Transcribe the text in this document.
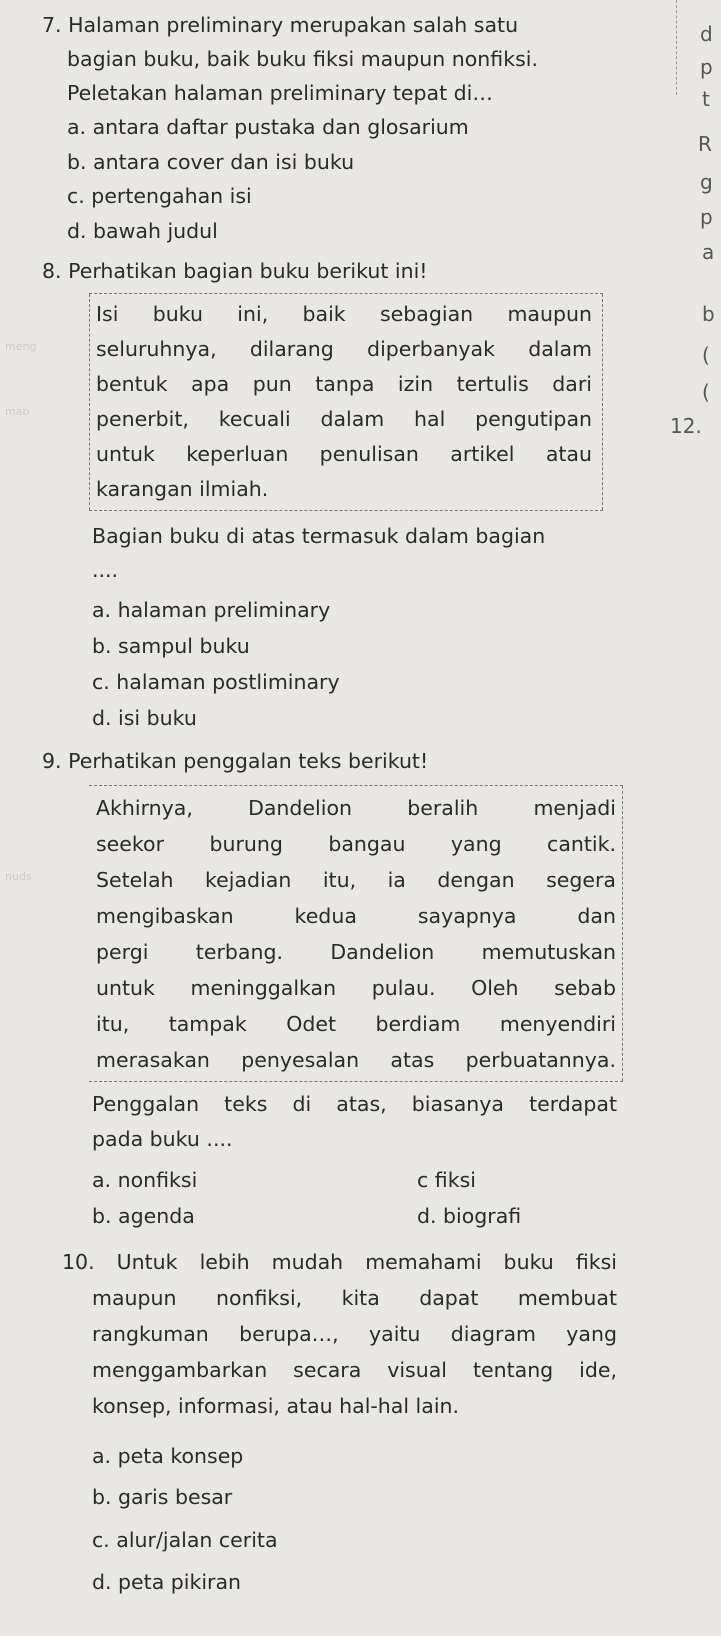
meng
mab
nuds
d
p
t
R
g
p
a
b
(
(
12.
7. Halaman preliminary merupakan salah satu
bagian buku, baik buku fiksi maupun nonfiksi.
Peletakan halaman preliminary tepat di…
a. antara daftar pustaka dan glosarium
b. antara cover dan isi buku
c. pertengahan isi
d. bawah judul
8. Perhatikan bagian buku berikut ini!
Isi buku ini, baik sebagian maupun
seluruhnya, dilarang diperbanyak dalam
bentuk apa pun tanpa izin tertulis dari
penerbit, kecuali dalam hal pengutipan
untuk keperluan penulisan artikel atau
karangan ilmiah.
Bagian buku di atas termasuk dalam bagian
....
a. halaman preliminary
b. sampul buku
c. halaman postliminary
d. isi buku
9. Perhatikan penggalan teks berikut!
Akhirnya, Dandelion beralih menjadi
seekor burung bangau yang cantik.
Setelah kejadian itu, ia dengan segera
mengibaskan kedua sayapnya dan
pergi terbang. Dandelion memutuskan
untuk meninggalkan pulau. Oleh sebab
itu, tampak Odet berdiam menyendiri
merasakan penyesalan atas perbuatannya.
Penggalan teks di atas, biasanya terdapat
pada buku ....
a. nonfiksi	c fiksi
b. agenda	d. biografi
10. Untuk lebih mudah memahami buku fiksi
maupun nonfiksi, kita dapat membuat
rangkuman berupa…, yaitu diagram yang
menggambarkan secara visual tentang ide,
konsep, informasi, atau hal-hal lain.
a. peta konsep
b. garis besar
c. alur/jalan cerita
d. peta pikiran
